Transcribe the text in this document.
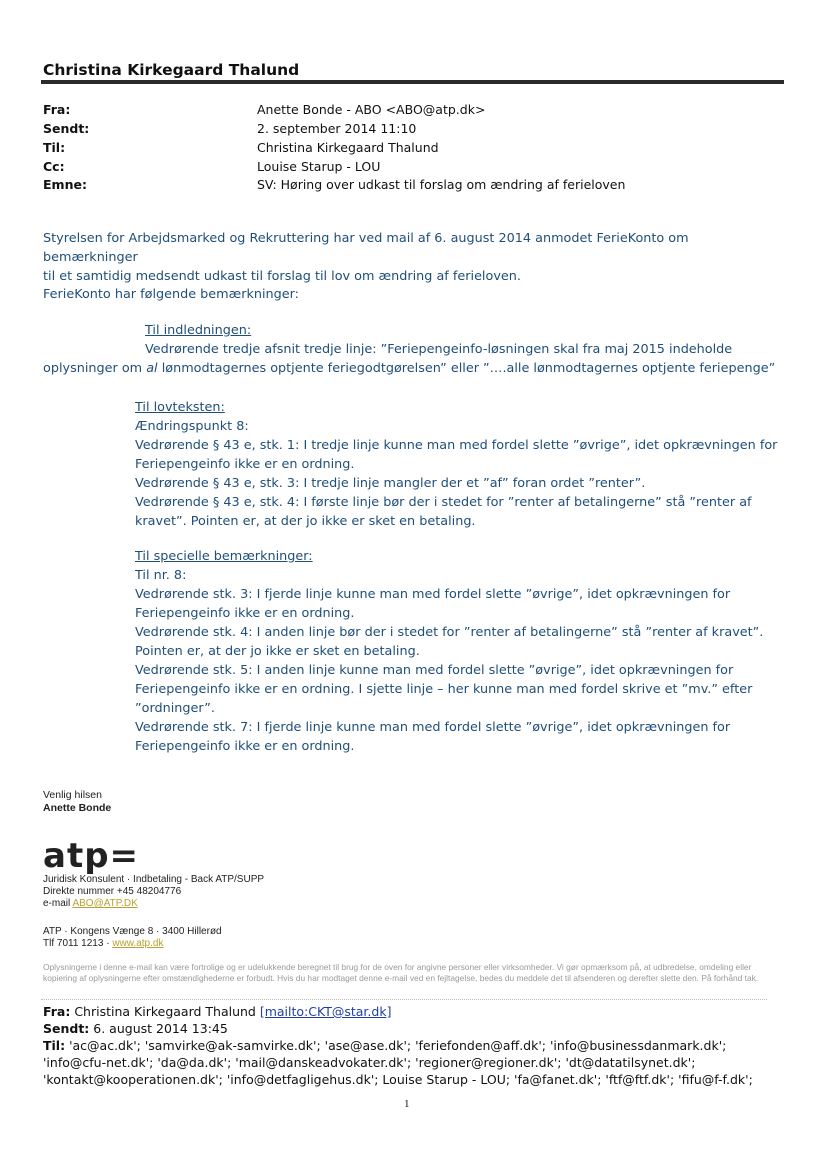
Christina Kirkegaard Thalund
Fra:	Anette Bonde - ABO <ABO@atp.dk>
Sendt:	2. september 2014 11:10
Til:	Christina Kirkegaard Thalund
Cc:	Louise Starup - LOU
Emne:	SV: Høring over udkast til forslag om ændring af ferieloven
Styrelsen for Arbejdsmarked og Rekruttering har ved mail af 6. august 2014 anmodet FerieKonto om bemærkninger
til et samtidig medsendt udkast til forslag til lov om ændring af ferieloven.
FerieKonto har følgende bemærkninger:
Til indledningen:
Vedrørende tredje afsnit tredje linje: ”Feriepengeinfo-løsningen skal fra maj 2015 indeholde
oplysninger om al lønmodtagernes optjente feriegodtgørelsen” eller ”….alle lønmodtagernes optjente feriepenge”
Til lovteksten:
Ændringspunkt 8:
Vedrørende § 43 e, stk. 1: I tredje linje kunne man med fordel slette ”øvrige”, idet opkrævningen for
Feriepengeinfo ikke er en ordning.
Vedrørende § 43 e, stk. 3: I tredje linje mangler der et ”af” foran ordet ”renter”.
Vedrørende § 43 e, stk. 4: I første linje bør der i stedet for ”renter af betalingerne” stå ”renter af
kravet”. Pointen er, at der jo ikke er sket en betaling.
Til specielle bemærkninger:
Til nr. 8:
Vedrørende stk. 3: I fjerde linje kunne man med fordel slette ”øvrige”, idet opkrævningen for
Feriepengeinfo ikke er en ordning.
Vedrørende stk. 4: I anden linje bør der i stedet for ”renter af betalingerne” stå ”renter af kravet”.
Pointen er, at der jo ikke er sket en betaling.
Vedrørende stk. 5: I anden linje kunne man med fordel slette ”øvrige”, idet opkrævningen for
Feriepengeinfo ikke er en ordning. I sjette linje – her kunne man med fordel skrive et ”mv.” efter
”ordninger”.
Vedrørende stk. 7: I fjerde linje kunne man med fordel slette ”øvrige”, idet opkrævningen for
Feriepengeinfo ikke er en ordning.
Venlig hilsen
Anette Bonde
atp=
Juridisk Konsulent · Indbetaling - Back ATP/SUPP
Direkte nummer +45 48204776
e-mail ABO@ATP.DK
ATP · Kongens Vænge 8 · 3400 Hillerød
Tlf 7011 1213 · www.atp.dk
Oplysningerne i denne e-mail kan være fortrolige og er udelukkende beregnet til brug for de oven for angivne personer eller virksomheder. Vi gør opmærksom på, at udbredelse, omdeling eller kopiering af oplysningerne efter omstændighederne er forbudt. Hvis du har modtaget denne e-mail ved en fejltagelse, bedes du meddele det til afsenderen og derefter slette den. På forhånd tak.
Fra: Christina Kirkegaard Thalund [mailto:CKT@star.dk]
Sendt: 6. august 2014 13:45
Til: 'ac@ac.dk'; 'samvirke@ak-samvirke.dk'; 'ase@ase.dk'; 'feriefonden@aff.dk'; 'info@businessdanmark.dk';
'info@cfu-net.dk'; 'da@da.dk'; 'mail@danskeadvokater.dk'; 'regioner@regioner.dk'; 'dt@datatilsynet.dk';
'kontakt@kooperationen.dk'; 'info@detfagligehus.dk'; Louise Starup - LOU; 'fa@fanet.dk'; 'ftf@ftf.dk'; 'fifu@f-f.dk';
1
